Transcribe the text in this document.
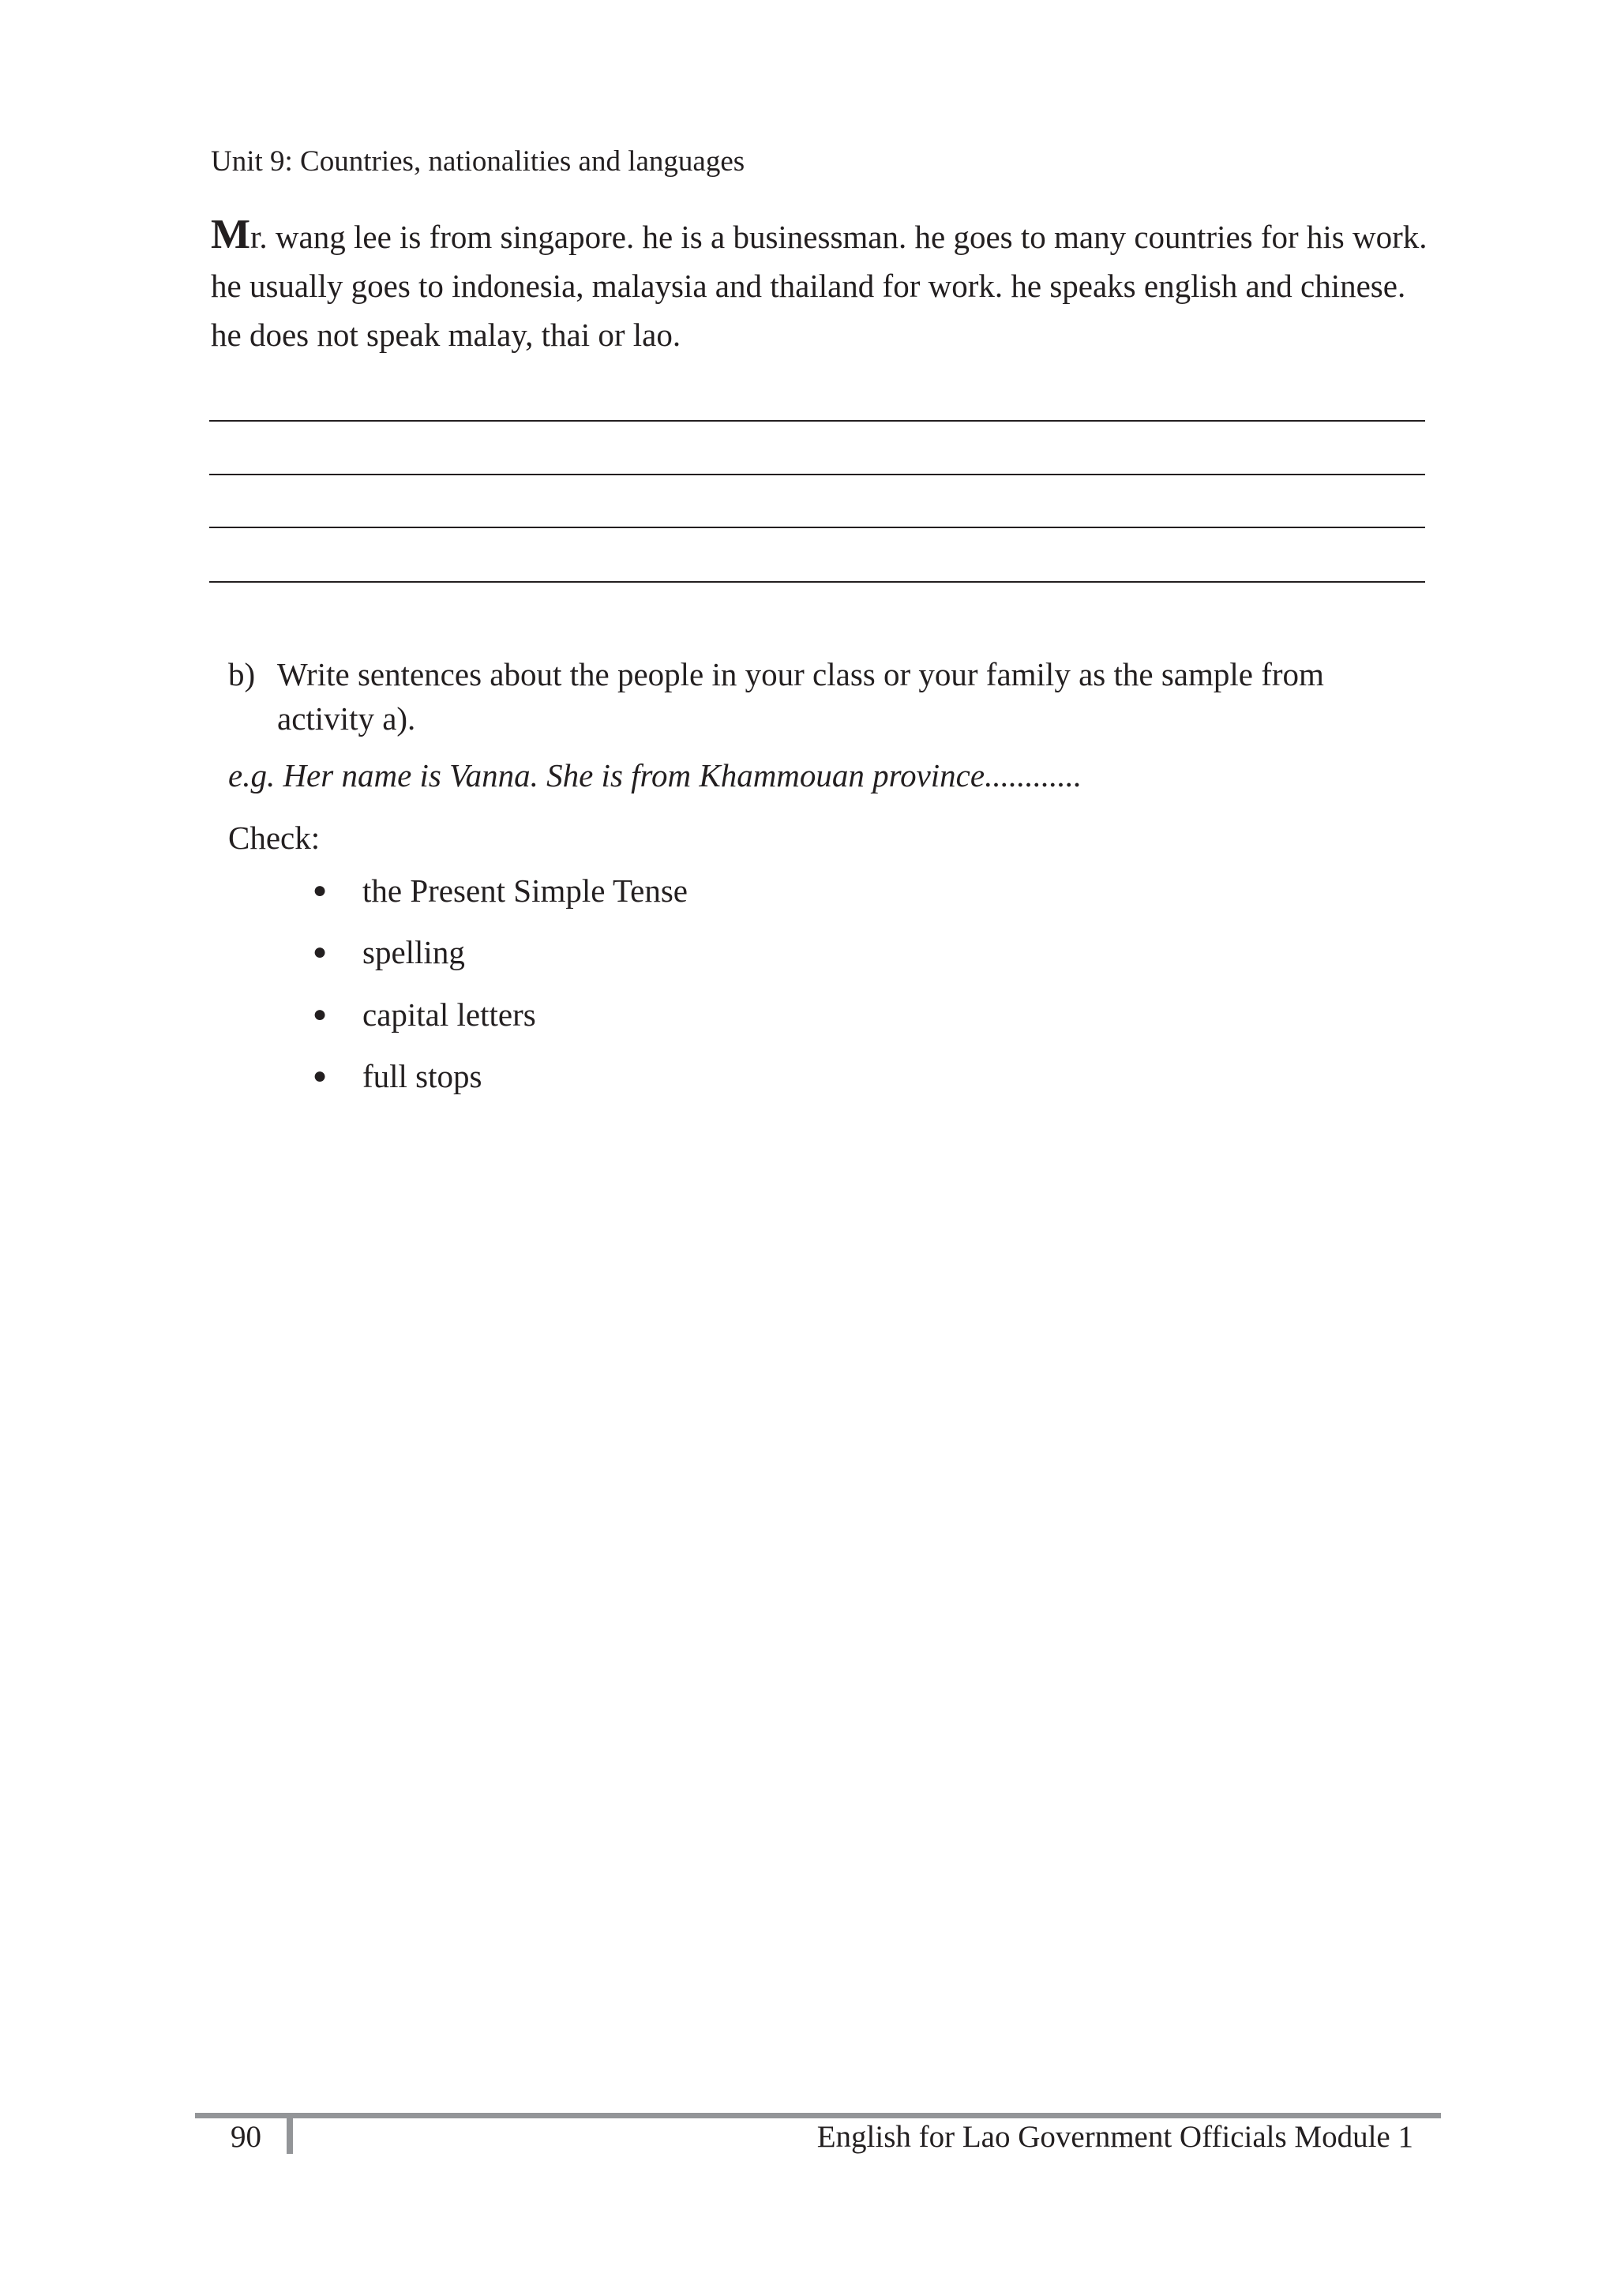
Unit 9: Countries, nationalities and languages
Mr. wang lee is from singapore. he is a businessman. he goes to many countries for his work.
he usually goes to indonesia, malaysia and thailand for work. he speaks english and chinese.
he does not speak malay, thai or lao.
b) Write sentences about the people in your class or your family as the sample from activity a).
e.g. Her name is Vanna. She is from Khammouan province............
Check:
● the Present Simple Tense
● spelling
● capital letters
● full stops
90	English for Lao Government Officials Module 1
